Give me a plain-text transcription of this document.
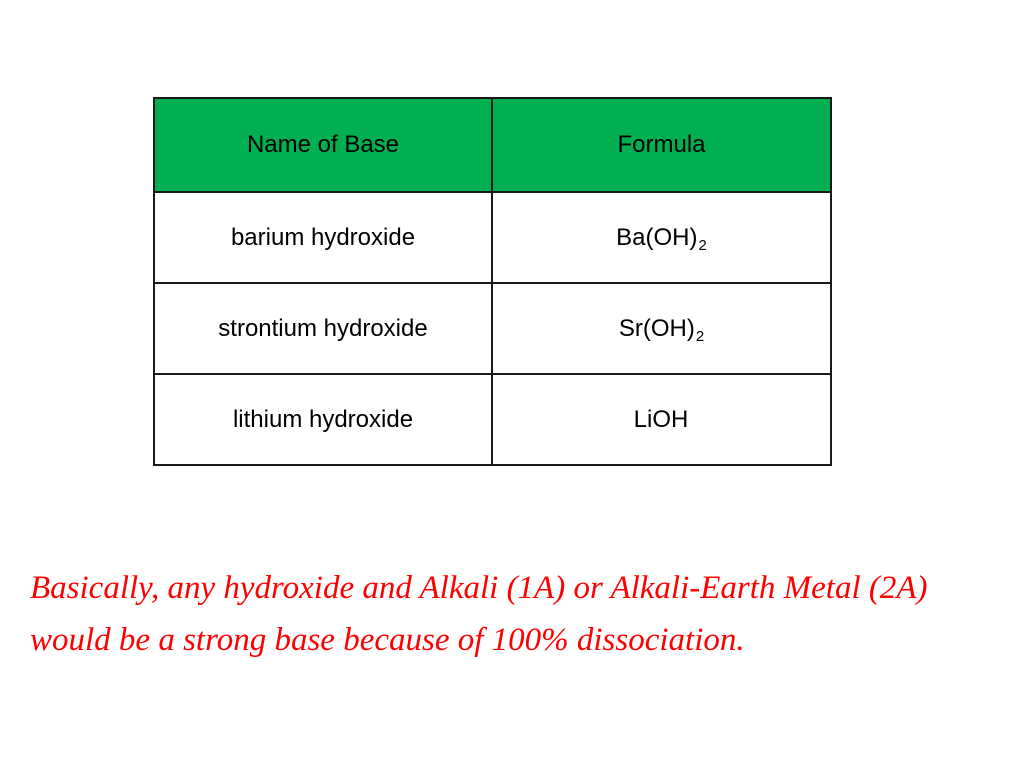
Name of Base	Formula
barium hydroxide	$Ba(OH)_2$
strontium hydroxide	$Sr(OH)_2$
lithium hydroxide	LiOH

Basically, any hydroxide and Alkali (1A) or Alkali-Earth Metal (2A) would be a strong base because of 100% dissociation.
